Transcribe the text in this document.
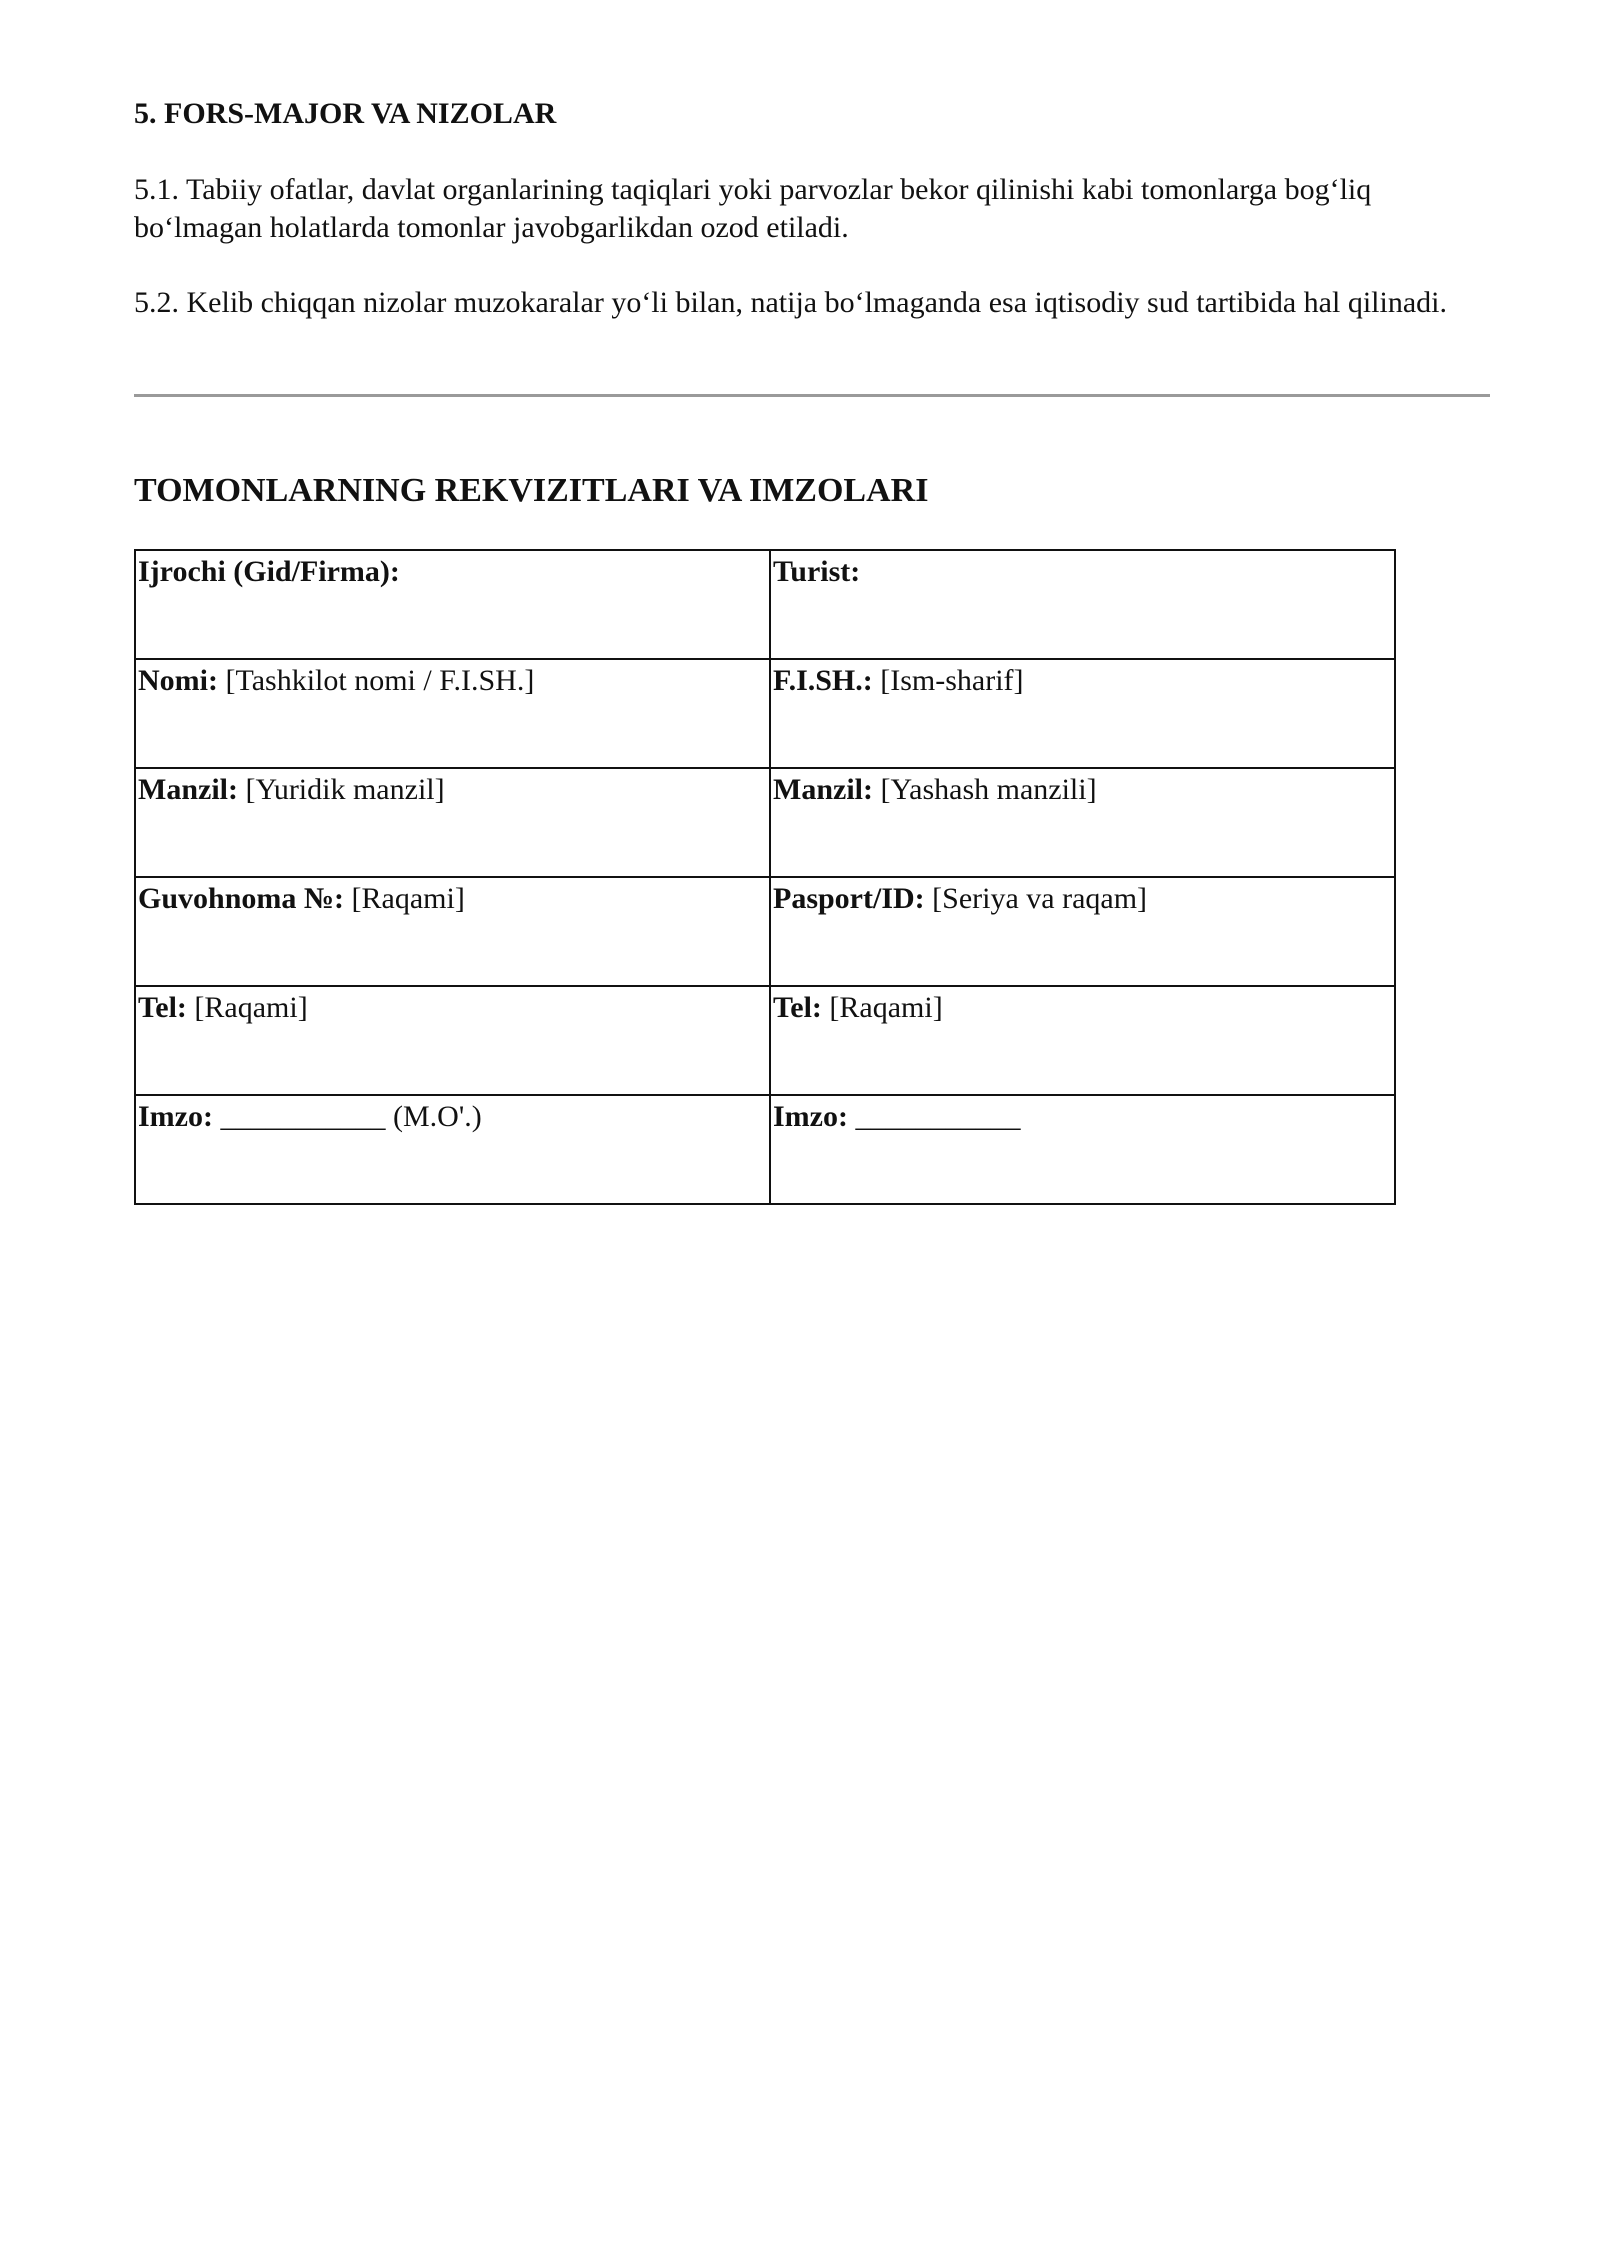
5. FORS-MAJOR VA NIZOLAR

5.1. Tabiiy ofatlar, davlat organlarining taqiqlari yoki parvozlar bekor qilinishi kabi tomonlarga bog‘liq bo‘lmagan holatlarda tomonlar javobgarlikdan ozod etiladi.

5.2. Kelib chiqqan nizolar muzokaralar yo‘li bilan, natija bo‘lmaganda esa iqtisodiy sud tartibida hal qilinadi.

TOMONLARNING REKVIZITLARI VA IMZOLARI
Ijrochi (Gid/Firma):	Turist:
Nomi: [Tashkilot nomi / F.I.SH.]	F.I.SH.: [Ism-sharif]
Manzil: [Yuridik manzil]	Manzil: [Yashash manzili]
Guvohnoma №: [Raqami]	Pasport/ID: [Seriya va raqam]
Tel: [Raqami]	Tel: [Raqami]
Imzo: ___________ (M.O'.)	Imzo: ___________
